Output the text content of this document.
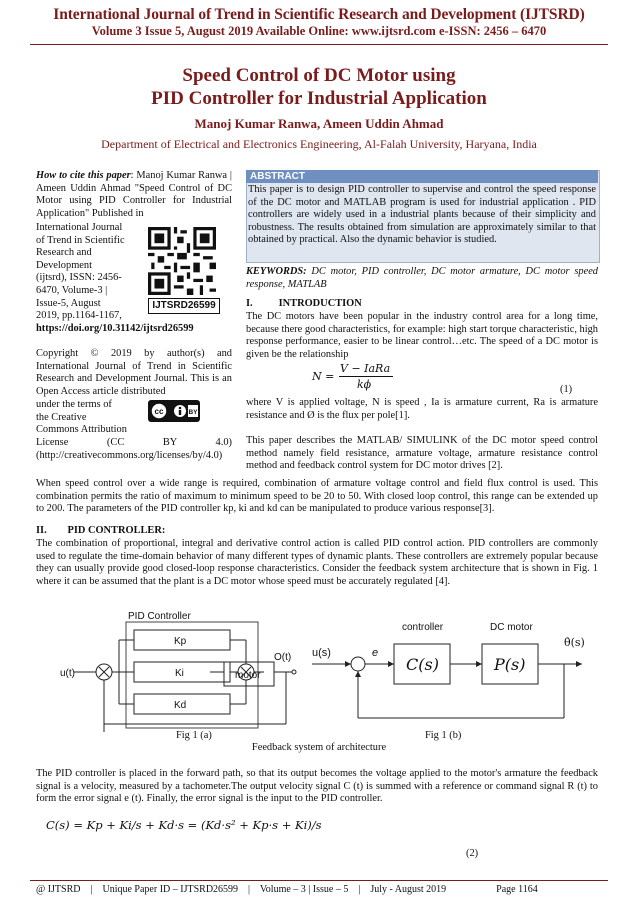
International Journal of Trend in Scientific Research and Development (IJTSRD)
Volume 3 Issue 5, August 2019 Available Online: www.ijtsrd.com e-ISSN: 2456 – 6470
Speed Control of DC Motor using
PID Controller for Industrial Application
Manoj Kumar Ranwa, Ameen Uddin Ahmad
Department of Electrical and Electronics Engineering, Al-Falah University, Haryana, India
How to cite this paper: Manoj Kumar Ranwa | Ameen Uddin Ahmad "Speed Control of DC Motor using PID Controller for Industrial Application" Published in
International Journal
of Trend in Scientific
Research and
Development
(ijtsrd), ISSN: 2456-
6470, Volume-3 |
Issue-5, August
2019, pp.1164-1167,
https://doi.org/10.31142/ijtsrd26599
IJTSRD26599
Copyright © 2019 by author(s) and International Journal of Trend in Scientific Research and Development Journal. This is an Open Access article distributed
under the terms of
the Creative
Commons Attribution
cc	BY
License (CC BY 4.0) (http://creativecommons.org/licenses/by/4.0)
ABSTRACT
This paper is to design PID controller to supervise and control the speed response of the DC motor and MATLAB program is used for industrial application . PID controllers are widely used in a industrial plants because of their simplicity and robustness. The results obtained from simulation are approximately similar to that obtained by practical. Also the dynamic behavior is studied.
KEYWORDS: DC motor, PID controller, DC motor armature, DC motor speed response, MATLAB
I.          INTRODUCTION
The DC motors have been popular in the industry control area for a long time, because there good characteristics, for example: high start torque characteristic, high response performance, easier to be linear control…etc. The speed of a DC motor is given be the relationship
N =
V − IaRa
kϕ	(1)
where V is applied voltage, N is speed , Ia is armature current, Ra is armature resistance and Ø is the flux per pole[1].
This paper describes the MATLAB/ SIMULINK of the DC motor speed control method namely field resistance, armature voltage, armature resistance control method and feedback control system for DC motor drives [2].
When speed control over a wide range is required, combination of armature voltage control and field flux control is used. This combination permits the ratio of maximum to minimum speed to be 20 to 50. With closed loop control, this range can be extended up to 200. The parameters of the PID controller kp, ki and kd can be manipulated to produce various response[3].
II.        PID CONTROLLER:
The combination of proportional, integral and derivative control action is called PID control action. PID controllers are commonly used to regulate the time-domain behavior of many different types of dynamic plants. These controllers are extremely popular because they can usually provide good closed-loop response characteristics. Consider the feedback system architecture that is shown in Fig. 1 where it can be assumed that the plant is a DC motor whose speed must be accurately regulated [4].
PID Controller
Kp
Ki
Kd
u(t)	motor
O(t)
controller	DC motor
u(s)	e
C(s)	P(s)
θ̇(s)
Fig 1 (a)	Fig 1 (b)
Feedback system of architecture
The PID controller is placed in the forward path, so that its output becomes the voltage applied to the motor's armature the feedback signal is a velocity, measured by a tachometer.The output velocity signal C (t) is summed with a reference or command signal R (t) to form the error signal e (t). Finally, the error signal is the input to the PID controller.
C(s) = Kp + Ki/s + Kd·s = (Kd·s² + Kp·s + Ki)/s
(2)
@ IJTSRD    |    Unique Paper ID – IJTSRD26599    |    Volume – 3 | Issue – 5    |    July - August 2019                    Page 1164
